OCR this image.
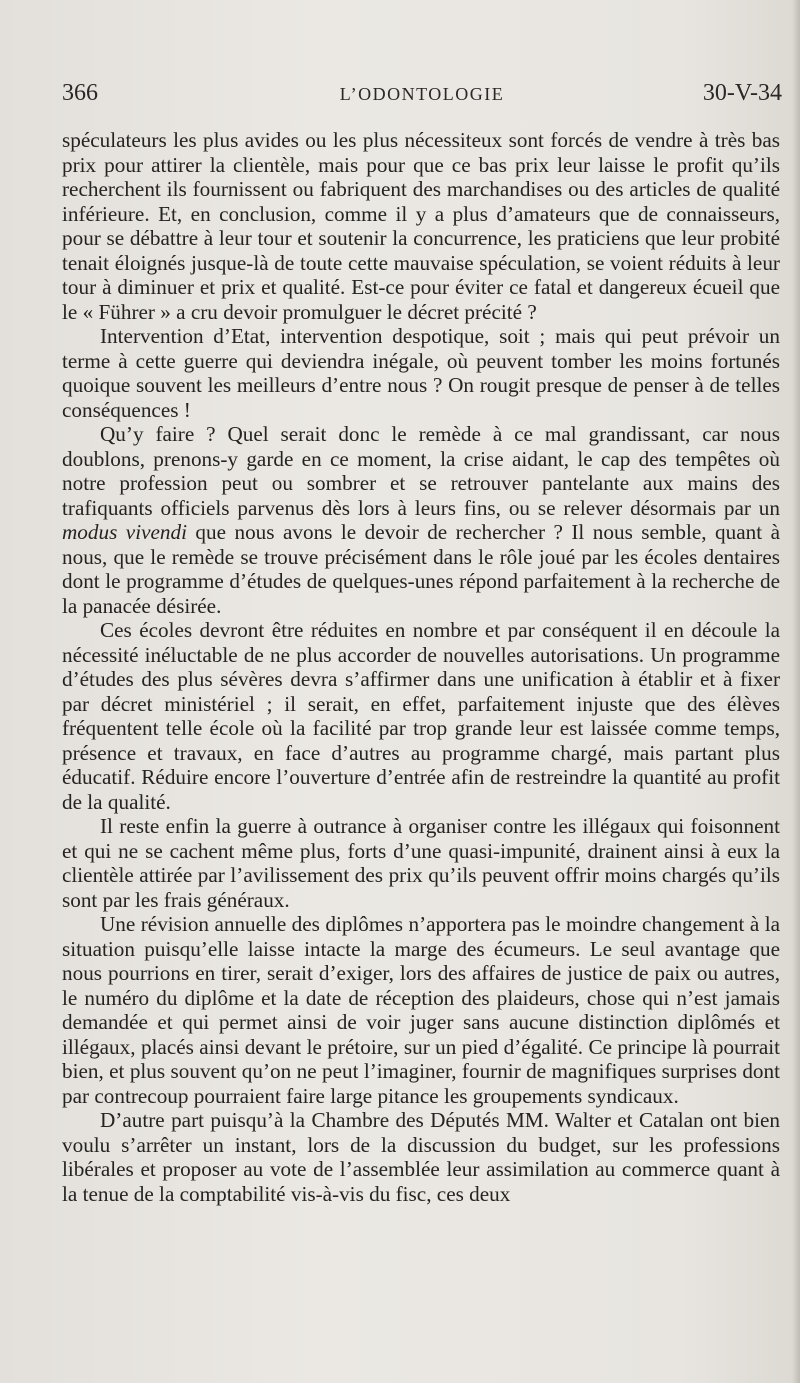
366	L’ODONTOLOGIE	30-V-34

spéculateurs les plus avides ou les plus nécessiteux sont forcés de vendre à très bas prix pour attirer la clientèle, mais pour que ce bas prix leur laisse le profit qu’ils recherchent ils fournissent ou fabriquent des marchandises ou des articles de qualité inférieure. Et, en conclusion, comme il y a plus d’amateurs que de connaisseurs, pour se débattre à leur tour et soutenir la concurrence, les praticiens que leur probité tenait éloignés jusque-là de toute cette mauvaise spéculation, se voient réduits à leur tour à diminuer et prix et qualité. Est-ce pour éviter ce fatal et dangereux écueil que le « Führer » a cru devoir promulguer le décret précité ?

Intervention d’Etat, intervention despotique, soit ; mais qui peut prévoir un terme à cette guerre qui deviendra inégale, où peuvent tomber les moins fortunés quoique souvent les meilleurs d’entre nous ? On rougit presque de penser à de telles conséquences !

Qu’y faire ? Quel serait donc le remède à ce mal grandissant, car nous doublons, prenons-y garde en ce moment, la crise aidant, le cap des tempêtes où notre profession peut ou sombrer et se retrouver pantelante aux mains des trafiquants officiels parvenus dès lors à leurs fins, ou se relever désormais par un modus vivendi que nous avons le devoir de rechercher ? Il nous semble, quant à nous, que le remède se trouve précisément dans le rôle joué par les écoles dentaires dont le programme d’études de quelques-unes répond parfaitement à la recherche de la panacée désirée.

Ces écoles devront être réduites en nombre et par conséquent il en découle la nécessité inéluctable de ne plus accorder de nouvelles autorisations. Un programme d’études des plus sévères devra s’affirmer dans une unification à établir et à fixer par décret ministériel ; il serait, en effet, parfaitement injuste que des élèves fréquentent telle école où la facilité par trop grande leur est laissée comme temps, présence et travaux, en face d’autres au programme chargé, mais partant plus éducatif. Réduire encore l’ouverture d’entrée afin de restreindre la quantité au profit de la qualité.

Il reste enfin la guerre à outrance à organiser contre les illégaux qui foisonnent et qui ne se cachent même plus, forts d’une quasi-impunité, drainent ainsi à eux la clientèle attirée par l’avilissement des prix qu’ils peuvent offrir moins chargés qu’ils sont par les frais généraux.

Une révision annuelle des diplômes n’apportera pas le moindre changement à la situation puisqu’elle laisse intacte la marge des écumeurs. Le seul avantage que nous pourrions en tirer, serait d’exiger, lors des affaires de justice de paix ou autres, le numéro du diplôme et la date de réception des plaideurs, chose qui n’est jamais demandée et qui permet ainsi de voir juger sans aucune distinction diplômés et illégaux, placés ainsi devant le prétoire, sur un pied d’égalité. Ce principe là pourrait bien, et plus souvent qu’on ne peut l’imaginer, fournir de magnifiques surprises dont par contrecoup pourraient faire large pitance les groupements syndicaux.

D’autre part puisqu’à la Chambre des Députés MM. Walter et Catalan ont bien voulu s’arrêter un instant, lors de la discussion du budget, sur les professions libérales et proposer au vote de l’assemblée leur assimilation au commerce quant à la tenue de la comptabilité vis-à-vis du fisc, ces deux
